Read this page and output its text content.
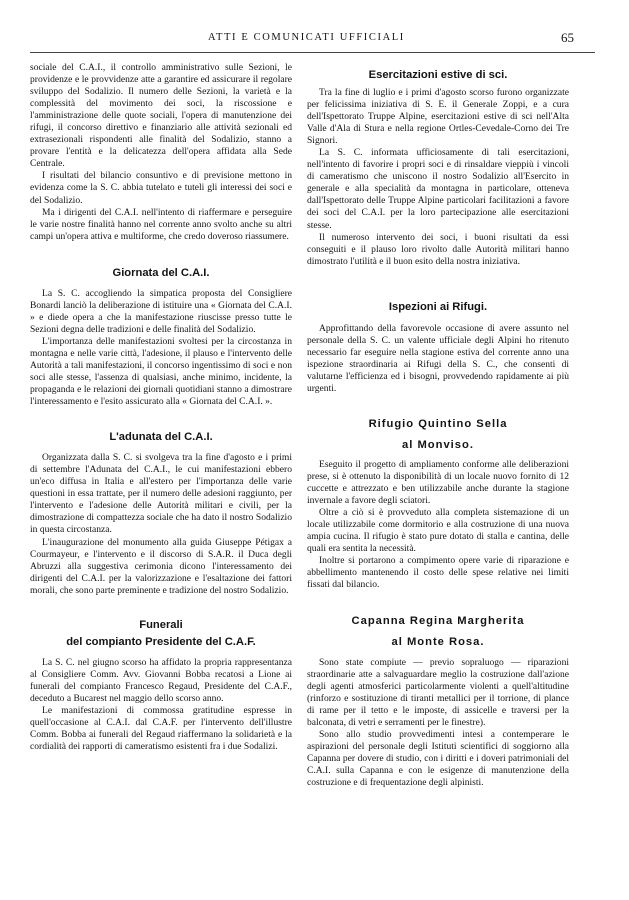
ATTI E COMUNICATI UFFICIALI	65

sociale del C.A.I., il controllo amministrativo sulle Sezioni, le providenze e le provvidenze atte a garantire ed assicurare il regolare sviluppo del Sodalizio. Il numero delle Sezioni, la varietà e la complessità del movimento dei soci, la riscossione e l'amministrazione delle quote sociali, l'opera di manutenzione dei rifugi, il concorso direttivo e finanziario alle attività sezionali ed extrasezionali rispondenti alle finalità del Sodalizio, stanno a provare l'entità e la delicatezza dell'opera affidata alla Sede Centrale.

I risultati del bilancio consuntivo e di previsione mettono in evidenza come la S. C. abbia tutelato e tuteli gli interessi dei soci e del Sodalizio.

Ma i dirigenti del C.A.I. nell'intento di riaffermare e perseguire le varie nostre finalità hanno nel corrente anno svolto anche su altri campi un'opera attiva e multiforme, che credo doveroso riassumere.

Giornata del C.A.I.

La S. C. accogliendo la simpatica proposta del Consigliere Bonardi lanciò la deliberazione di istituire una « Giornata del C.A.I. » e diede opera a che la manifestazione riuscisse presso tutte le Sezioni degna delle tradizioni e delle finalità del Sodalizio.

L'importanza delle manifestazioni svoltesi per la circostanza in montagna e nelle varie città, l'adesione, il plauso e l'intervento delle Autorità a tali manifestazioni, il concorso ingentissimo di soci e non soci alle stesse, l'assenza di qualsiasi, anche minimo, incidente, la propaganda e le relazioni dei giornali quotidiani stanno a dimostrare l'interessamento e l'esito assicurato alla « Giornata del C.A.I. ».

L'adunata del C.A.I.

Organizzata dalla S. C. si svolgeva tra la fine d'agosto e i primi di settembre l'Adunata del C.A.I., le cui manifestazioni ebbero un'eco diffusa in Italia e all'estero per l'importanza delle varie questioni in essa trattate, per il numero delle adesioni raggiunto, per l'intervento e l'adesione delle Autorità militari e civili, per la dimostrazione di compattezza sociale che ha dato il nostro Sodalizio in questa circostanza.

L'inaugurazione del monumento alla guida Giuseppe Pétigax a Courmayeur, e l'intervento e il discorso di S.A.R. il Duca degli Abruzzi alla suggestiva cerimonia dicono l'interessamento dei dirigenti del C.A.I. per la valorizzazione e l'esaltazione dei fattori morali, che sono parte preminente e tradizione del nostro Sodalizio.

Funerali
del compianto Presidente del C.A.F.

La S. C. nel giugno scorso ha affidato la propria rappresentanza al Consigliere Comm. Avv. Giovanni Bobba recatosi a Lione ai funerali del compianto Francesco Regaud, Presidente del C.A.F., deceduto a Bucarest nel maggio dello scorso anno.

Le manifestazioni di commossa gratitudine espresse in quell'occasione al C.A.I. dal C.A.F. per l'intervento dell'illustre Comm. Bobba ai funerali del Regaud riaffermano la solidarietà e la cordialità dei rapporti di cameratismo esistenti fra i due Sodalizi.

Esercitazioni estive di sci.

Tra la fine di luglio e i primi d'agosto scorso furono organizzate per felicissima iniziativa di S. E. il Generale Zoppi, e a cura dell'Ispettorato Truppe Alpine, esercitazioni estive di sci nell'Alta Valle d'Ala di Stura e nella regione Ortles-Cevedale-Corno dei Tre Signori.

La S. C. informata ufficiosamente di tali esercitazioni, nell'intento di favorire i propri soci e di rinsaldare vieppiù i vincoli di cameratismo che uniscono il nostro Sodalizio all'Esercito in generale e alla specialità da montagna in particolare, otteneva dall'Ispettorato delle Truppe Alpine particolari facilitazioni a favore dei soci del C.A.I. per la loro partecipazione alle esercitazioni stesse.

Il numeroso intervento dei soci, i buoni risultati da essi conseguiti e il plauso loro rivolto dalle Autorità militari hanno dimostrato l'utilità e il buon esito della nostra iniziativa.

Ispezioni ai Rifugi.

Approfittando della favorevole occasione di avere assunto nel personale della S. C. un valente ufficiale degli Alpini ho ritenuto necessario far eseguire nella stagione estiva del corrente anno una ispezione straordinaria ai Rifugi della S. C., che consenti di valutarne l'efficienza ed i bisogni, provvedendo rapidamente ai più urgenti.

Rifugio Quintino Sella
al Monviso.

Eseguito il progetto di ampliamento conforme alle deliberazioni prese, si è ottenuto la disponibilità di un locale nuovo fornito di 12 cuccette e attrezzato e ben utilizzabile anche durante la stagione invernale a favore degli sciatori.

Oltre a ciò si è provveduto alla completa sistemazione di un locale utilizzabile come dormitorio e alla costruzione di una nuova ampia cucina. Il rifugio è stato pure dotato di stalla e cantina, delle quali era sentita la necessità.

Inoltre si portarono a compimento opere varie di riparazione e abbellimento mantenendo il costo delle spese relative nei limiti fissati dal bilancio.

Capanna Regina Margherita
al Monte Rosa.

Sono state compiute — previo sopraluogo — riparazioni straordinarie atte a salvaguardare meglio la costruzione dall'azione degli agenti atmosferici particolarmente violenti a quell'altitudine (rinforzo e sostituzione di tiranti metallici per il torrione, di plance di rame per il tetto e le imposte, di assicelle e traversi per la balconata, di vetri e serramenti per le finestre).

Sono allo studio provvedimenti intesi a contemperare le aspirazioni del personale degli Istituti scientifici di soggiorno alla Capanna per dovere di studio, con i diritti e i doveri patrimoniali del C.A.I. sulla Capanna e con le esigenze di manutenzione della costruzione e di frequentazione degli alpinisti.
